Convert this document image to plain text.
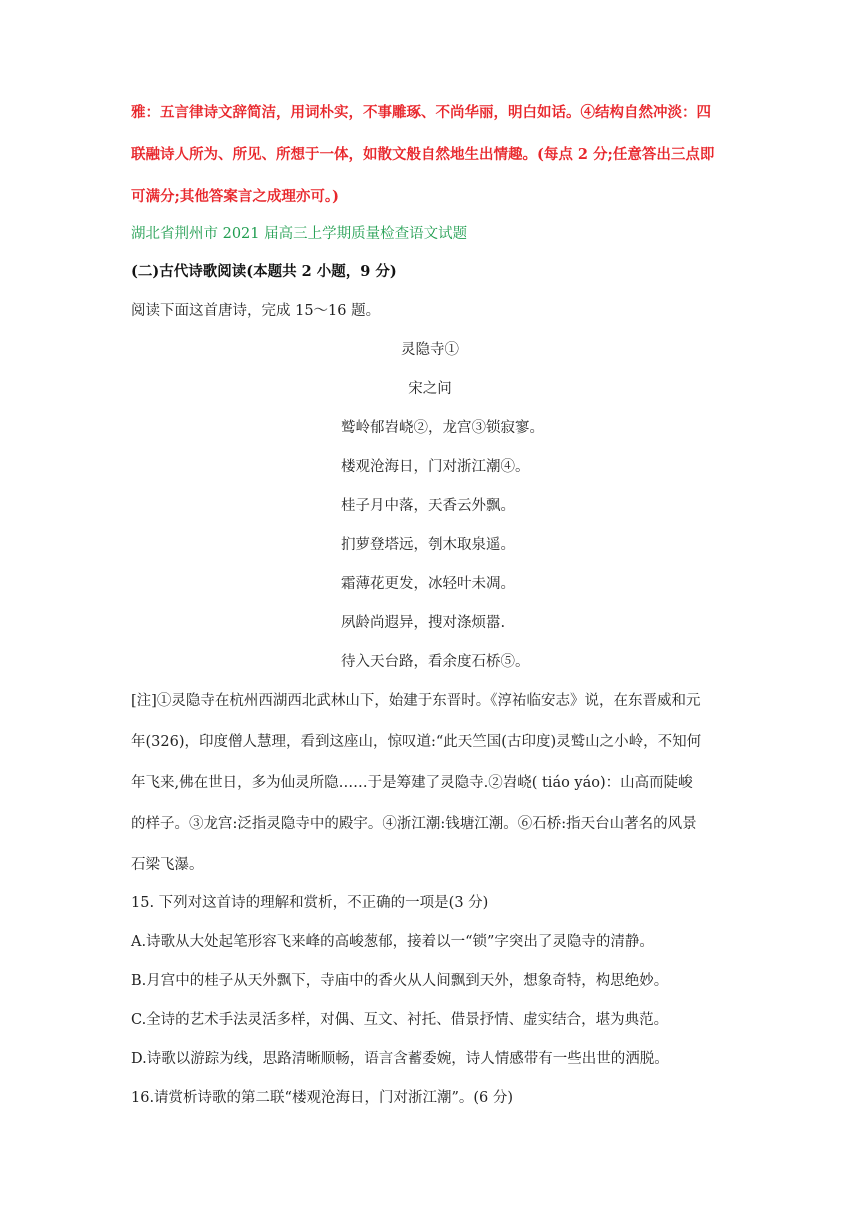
雅：五言律诗文辞简洁，用词朴实，不事雕琢、不尚华丽，明白如话。④结构自然冲淡：四
联融诗人所为、所见、所想于一体，如散文般自然地生出情趣。(每点 2 分;任意答出三点即
可满分;其他答案言之成理亦可。)
湖北省荆州市 2021 届高三上学期质量检查语文试题
(二)古代诗歌阅读(本题共 2 小题，9 分)
阅读下面这首唐诗，完成 15～16 题。
灵隐寺①
宋之问
鹫岭郁岧峣②，龙宫③锁寂寥。
楼观沧海日，门对浙江潮④。
桂子月中落，天香云外飘。
扪萝登塔远，刳木取泉遥。
霜薄花更发，冰轻叶未凋。
夙龄尚遐异，搜对涤烦嚣.
待入天台路，看余度石桥⑤。
[注]①灵隐寺在杭州西湖西北武林山下，始建于东晋时。《淳祐临安志》说，在东晋威和元
年(326)，印度僧人慧理，看到这座山，惊叹道:“此天竺国(古印度)灵鹫山之小岭，不知何
年飞来,佛在世日，多为仙灵所隐……于是筹建了灵隐寺.②岧峣( tiáo yáo)：山高而陡峻
的样子。③龙宫:泛指灵隐寺中的殿宇。④浙江潮:钱塘江潮。⑥石桥:指天台山著名的风景
石梁飞瀑。
15. 下列对这首诗的理解和赏析，不正确的一项是(3 分)
A.诗歌从大处起笔形容飞来峰的高峻葱郁，接着以一“锁”字突出了灵隐寺的清静。
B.月宫中的桂子从天外飘下，寺庙中的香火从人间飘到天外，想象奇特，构思绝妙。
C.全诗的艺术手法灵活多样，对偶、互文、衬托、借景抒情、虚实结合，堪为典范。
D.诗歌以游踪为线，思路清晰顺畅，语言含蓄委婉，诗人情感带有一些出世的洒脱。
16.请赏析诗歌的第二联“楼观沧海日，门对浙江潮”。(6 分)
